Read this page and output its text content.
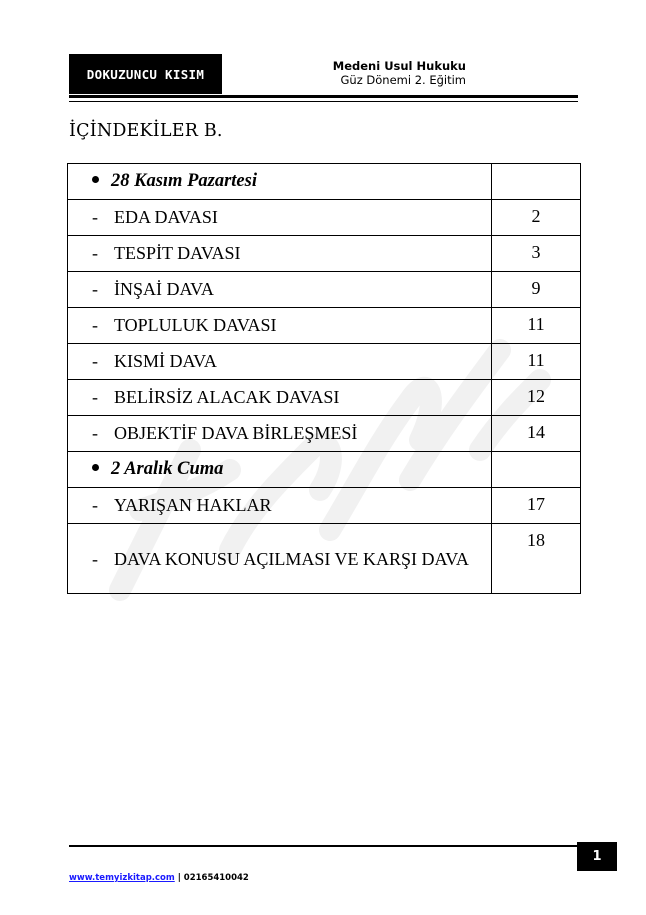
DOKUZUNCU KISIM
Medeni Usul Hukuku
Güz Dönemi 2. Eğitim
İÇİNDEKİLER B.
28 Kasım Pazartesi	
- EDA DAVASI	2
- TESPİT DAVASI	3
- İNŞAİ DAVA	9
- TOPLULUK DAVASI	11
- KISMİ DAVA	11
- BELİRSİZ ALACAK DAVASI	12
- OBJEKTİF DAVA BİRLEŞMESİ	14
2 Aralık Cuma	
- YARIŞAN HAKLAR	17

- DAVA KONUSU AÇILMASI VE KARŞI DAVA	18
1
www.temyizkitap.com | 02165410042
